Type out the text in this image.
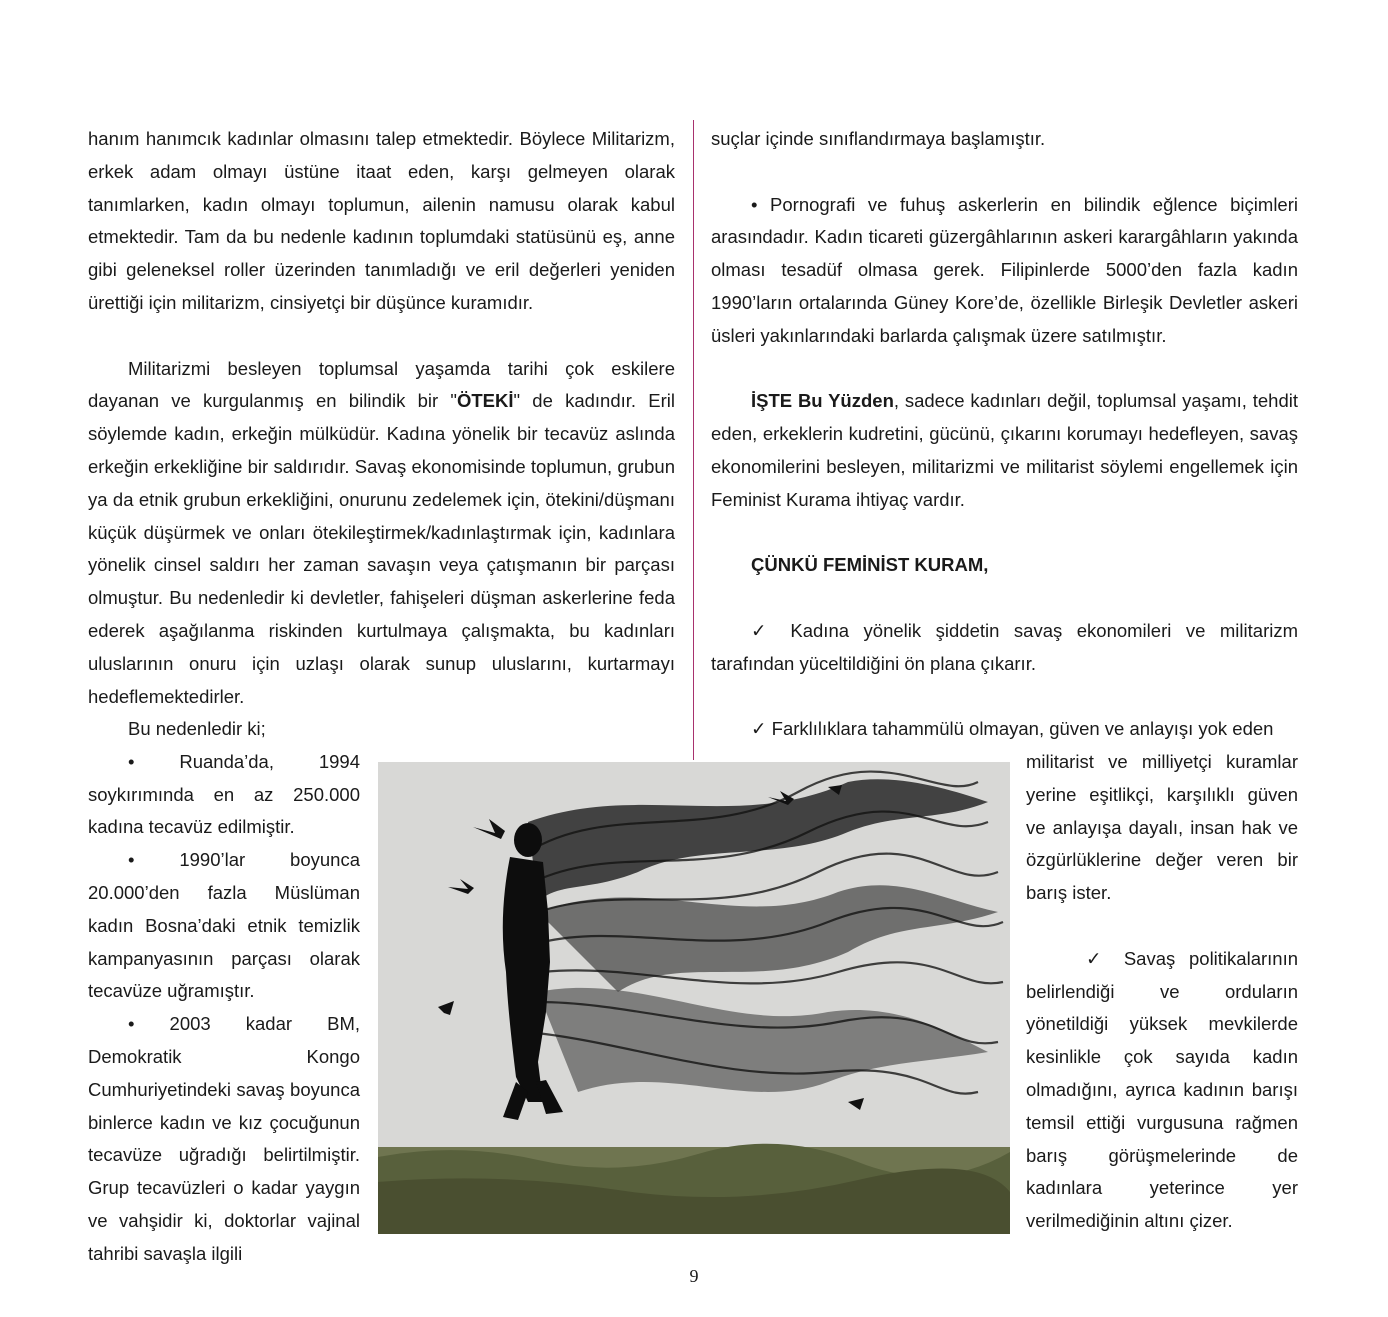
hanım hanımcık kadınlar olmasını talep etmektedir. Böylece Militarizm, erkek adam olmayı üstüne itaat eden, karşı gelmeyen olarak tanımlarken, kadın olmayı toplumun, ailenin namusu olarak kabul etmektedir. Tam da bu nedenle kadının toplumdaki statüsünü eş, anne gibi geleneksel roller üzerinden tanımladığı ve eril değerleri yeniden ürettiği için militarizm, cinsiyetçi bir düşünce kuramıdır.

Militarizmi besleyen toplumsal yaşamda tarihi çok eskilere dayanan ve kurgulanmış en bilindik bir "ÖTEKİ" de kadındır. Eril söylemde kadın, erkeğin mülküdür. Kadına yönelik bir tecavüz aslında erkeğin erkekliğine bir saldırıdır. Savaş ekonomisinde toplumun, grubun ya da etnik grubun erkekliğini, onurunu zedelemek için, ötekini/düşmanı küçük düşürmek ve onları ötekileştirmek/kadınlaştırmak için, kadınlara yönelik cinsel saldırı her zaman savaşın veya çatışmanın bir parçası olmuştur. Bu nedenledir ki devletler, fahişeleri düşman askerlerine feda ederek aşağılanma riskinden kurtulmaya çalışmakta, bu kadınları uluslarının onuru için uzlaşı olarak sunup uluslarını, kurtarmayı hedeflemektedirler.

Bu nedenledir ki;

• Ruanda’da, 1994 soykırımında en az 250.000 kadına tecavüz edilmiştir.

• 1990’lar boyunca 20.000’den fazla Müslüman kadın Bosna’daki etnik temizlik kampanyasının parçası olarak tecavüze uğramıştır.

• 2003 kadar BM, Demokratik Kongo Cumhuriyetindeki savaş boyunca binlerce kadın ve kız çocuğunun tecavüze uğradığı belirtilmiştir. Grup tecavüzleri o kadar yaygın ve vahşidir ki, doktorlar vajinal tahribi savaşla ilgili

suçlar içinde sınıflandırmaya başlamıştır.

• Pornografi ve fuhuş askerlerin en bilindik eğlence biçimleri arasındadır. Kadın ticareti güzergâhlarının askeri karargâhların yakında olması tesadüf olmasa gerek. Filipinlerde 5000’den fazla kadın 1990’ların ortalarında Güney Kore’de, özellikle Birleşik Devletler askeri üsleri yakınlarındaki barlarda çalışmak üzere satılmıştır.

İŞTE Bu Yüzden, sadece kadınları değil, toplumsal yaşamı, tehdit eden, erkeklerin kudretini, gücünü, çıkarını korumayı hedefleyen, savaş ekonomilerini besleyen, militarizmi ve militarist söylemi engellemek için Feminist Kurama ihtiyaç vardır.

ÇÜNKÜ FEMİNİST KURAM,

✓ Kadına yönelik şiddetin savaş ekonomileri ve militarizm tarafından yüceltildiğini ön plana çıkarır.

✓ Farklılıklara tahammülü olmayan, güven ve anlayışı yok eden

militarist ve milliyetçi kuramlar yerine eşitlikçi, karşılıklı güven ve anlayışa dayalı, insan hak ve özgürlüklerine değer veren bir barış ister.

✓ Savaş politikalarının belirlendiği ve orduların yönetildiği yüksek mevkilerde kesinlikle çok sayıda kadın olmadığını, ayrıca kadının barışı temsil ettiği vurgusuna rağmen barış görüşmelerinde de kadınlara yeterince yer verilmediğinin altını çizer.

9
